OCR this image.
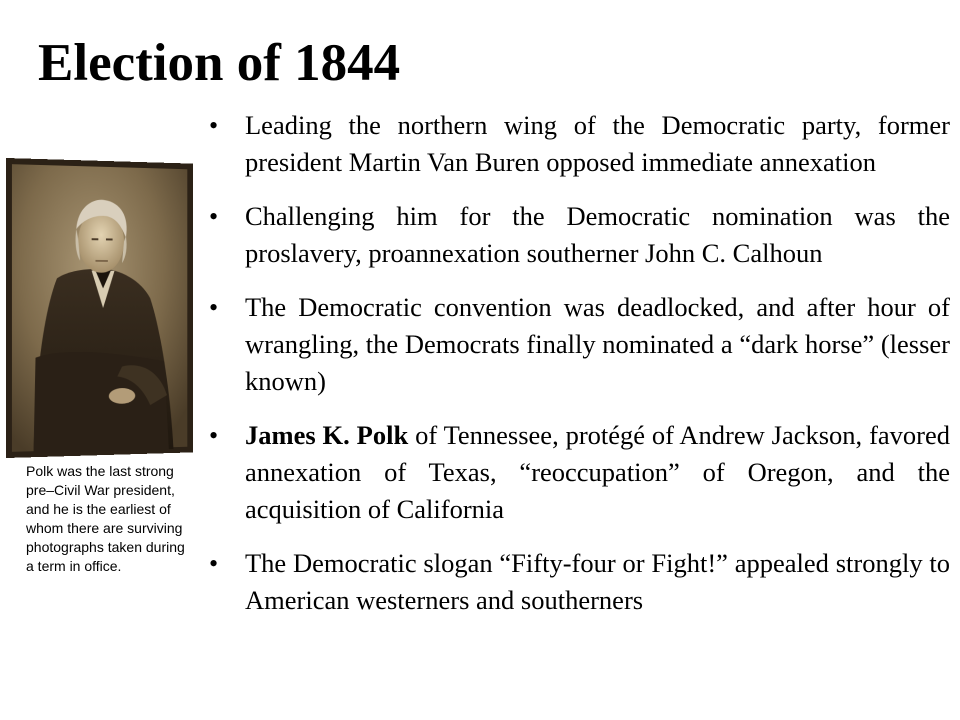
Election of 1844

Polk was the last strong pre–Civil War president, and he is the earliest of whom there are surviving photographs taken during a term in office.

• Leading the northern wing of the Democratic party, former president Martin Van Buren opposed immediate annexation
• Challenging him for the Democratic nomination was the proslavery, proannexation southerner John C. Calhoun
• The Democratic convention was deadlocked, and after hour of wrangling, the Democrats finally nominated a “dark horse” (lesser known)
• James K. Polk of Tennessee, protégé of Andrew Jackson, favored annexation of Texas, “reoccupation” of Oregon, and the acquisition of California
• The Democratic slogan “Fifty-four or Fight!” appealed strongly to American westerners and southerners
